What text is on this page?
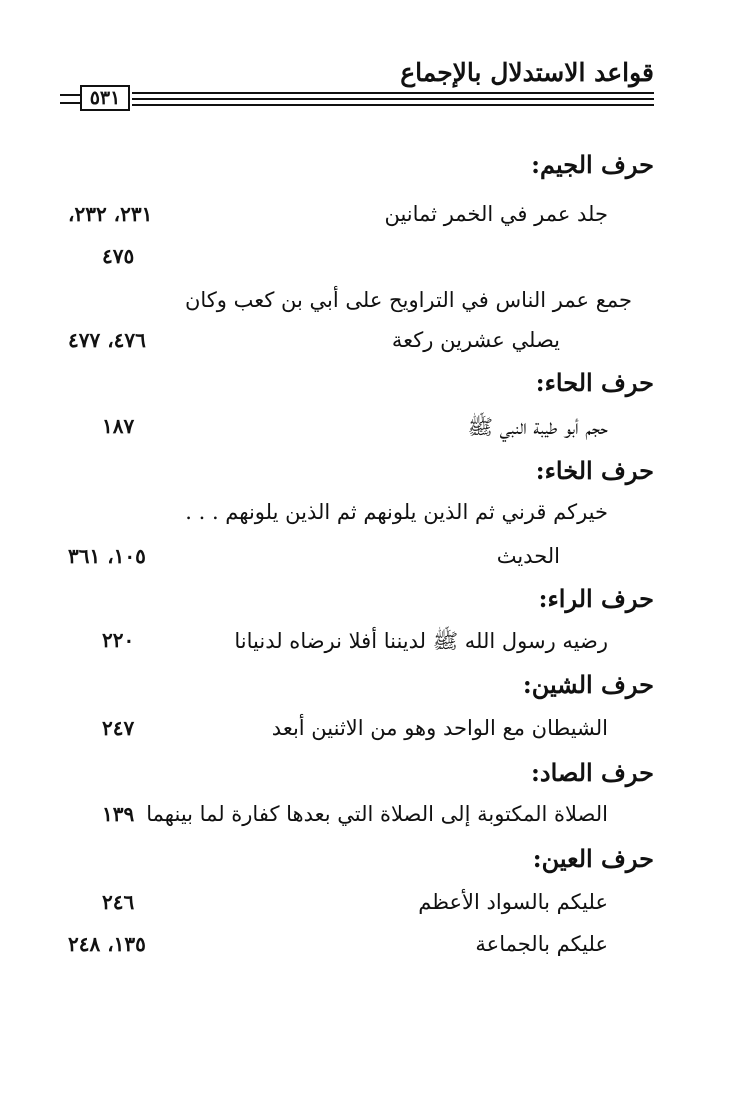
قواعد الاستدلال بالإجماع
٥٣١
حرف الجيم:
جلد عمر في الخمر ثمانين
٢٣١، ٢٣٢،
٤٧٥
جمع عمر الناس في التراويح على أبي بن كعب وكان
يصلي عشرين ركعة
٤٧٦، ٤٧٧
حرف الحاء:
حجم أبو طيبة النبي ﷺ
١٨٧
حرف الخاء:
خيركم قرني ثم الذين يلونهم ثم الذين يلونهم . . .
الحديث
١٠٥، ٣٦١
حرف الراء:
رضيه رسول الله ﷺ لديننا أفلا نرضاه لدنيانا
٢٢٠
حرف الشين:
الشيطان مع الواحد وهو من الاثنين أبعد
٢٤٧
حرف الصاد:
الصلاة المكتوبة إلى الصلاة التي بعدها كفارة لما بينهما
١٣٩
حرف العين:
عليكم بالسواد الأعظم
٢٤٦
عليكم بالجماعة
١٣٥، ٢٤٨
